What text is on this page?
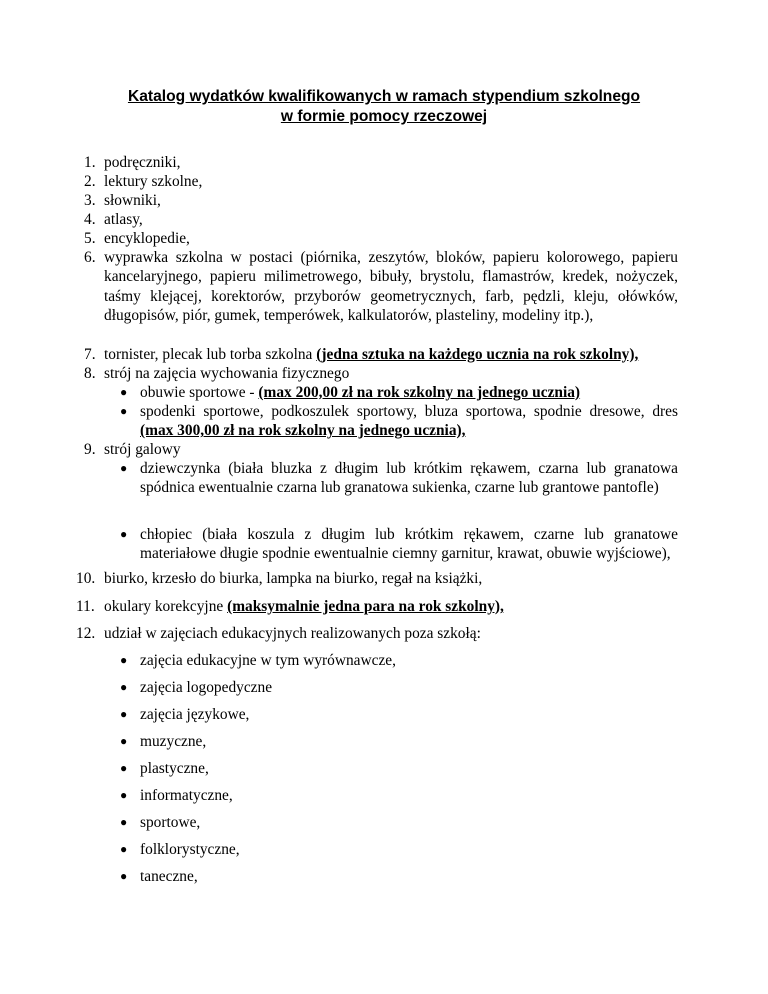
Katalog wydatków kwalifikowanych w ramach stypendium szkolnego
w formie pomocy rzeczowej
1. podręczniki,
2. lektury szkolne,
3. słowniki,
4. atlasy,
5. encyklopedie,
6. wyprawka szkolna w postaci (piórnika, zeszytów, bloków, papieru kolorowego, papieru kancelaryjnego, papieru milimetrowego, bibuły, brystolu, flamastrów, kredek, nożyczek, taśmy klejącej, korektorów, przyborów geometrycznych, farb, pędzli, kleju, ołówków, długopisów, piór, gumek, temperówek, kalkulatorów, plasteliny, modeliny itp.),
7. tornister, plecak lub torba szkolna (jedna sztuka na każdego ucznia na rok szkolny),
8. strój na zajęcia wychowania fizycznego
● obuwie sportowe - (max 200,00 zł na rok szkolny na jednego ucznia)
● spodenki sportowe, podkoszulek sportowy, bluza sportowa, spodnie dresowe, dres (max 300,00 zł na rok szkolny na jednego ucznia),
9. strój galowy
● dziewczynka (biała bluzka z długim lub krótkim rękawem, czarna lub granatowa spódnica ewentualnie czarna lub granatowa sukienka, czarne lub grantowe pantofle)
● chłopiec (biała koszula z długim lub krótkim rękawem, czarne lub granatowe materiałowe długie spodnie ewentualnie ciemny garnitur, krawat, obuwie wyjściowe),
10. biurko, krzesło do biurka, lampka na biurko, regał na książki,
11. okulary korekcyjne (maksymalnie jedna para na rok szkolny),
12. udział w zajęciach edukacyjnych realizowanych poza szkołą:
● zajęcia edukacyjne w tym wyrównawcze,
● zajęcia logopedyczne
● zajęcia językowe,
● muzyczne,
● plastyczne,
● informatyczne,
● sportowe,
● folklorystyczne,
● taneczne,
